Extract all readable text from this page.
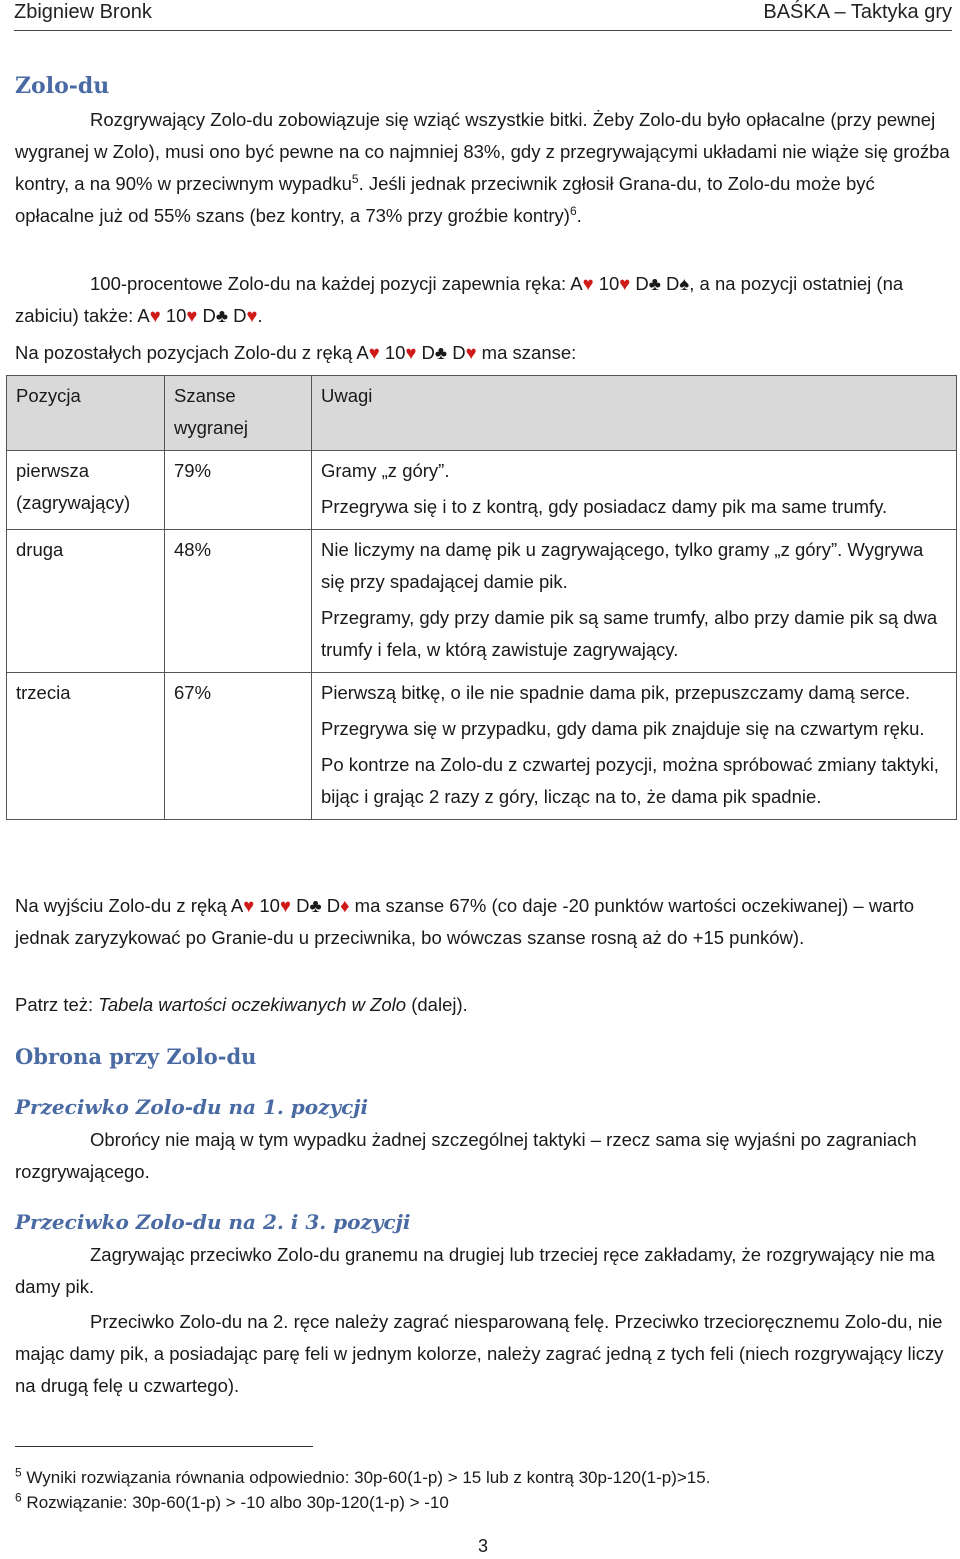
Zbigniew Bronk	BAŚKA – Taktyka gry
Zolo-du
Rozgrywający Zolo-du zobowiązuje się wziąć wszystkie bitki. Żeby Zolo-du było opłacalne (przy pewnej wygranej w Zolo), musi ono być pewne na co najmniej 83%, gdy z przegrywającymi układami nie wiąże się groźba kontry, a na 90% w przeciwnym wypadku$^5$. Jeśli jednak przeciwnik zgłosił Grana-du, to Zolo-du może być opłacalne już od 55% szans (bez kontry, a 73% przy groźbie kontry)$^6$.
100-procentowe Zolo-du na każdej pozycji zapewnia ręka: A♥ 10♥ D♣ D♠, a na pozycji ostatniej (na zabiciu) także: A♥ 10♥ D♣ D♥.
Na pozostałych pozycjach Zolo-du z ręką A♥ 10♥ D♣ D♥ ma szanse:
Pozycja	Szanse wygranej	Uwagi
pierwsza (zagrywający)	79%	Gramy „z góry”.

Przegrywa się i to z kontrą, gdy posiadacz damy pik ma same trumfy.

druga	48%	Nie liczymy na damę pik u zagrywającego, tylko gramy „z góry”. Wygrywa się przy spadającej damie pik.

Przegramy, gdy przy damie pik są same trumfy, albo przy damie pik są dwa trumfy i fela, w którą zawistuje zagrywający.

trzecia	67%	Pierwszą bitkę, o ile nie spadnie dama pik, przepuszczamy damą serce.

Przegrywa się w przypadku, gdy dama pik znajduje się na czwartym ręku.

Po kontrze na Zolo-du z czwartej pozycji, można spróbować zmiany taktyki, bijąc i grając 2 razy z góry, licząc na to, że dama pik spadnie.

Na wyjściu Zolo-du z ręką A♥ 10♥ D♣ D♦ ma szanse 67% (co daje -20 punktów wartości oczekiwanej) – warto jednak zaryzykować po Granie-du u przeciwnika, bo wówczas szanse rosną aż do +15 punków).
Patrz też: Tabela wartości oczekiwanych w Zolo (dalej).
Obrona przy Zolo-du
Przeciwko Zolo-du na 1. pozycji
Obrońcy nie mają w tym wypadku żadnej szczególnej taktyki – rzecz sama się wyjaśni po zagraniach rozgrywającego.
Przeciwko Zolo-du na 2. i 3. pozycji
Zagrywając przeciwko Zolo-du granemu na drugiej lub trzeciej ręce zakładamy, że rozgrywający nie ma damy pik.
Przeciwko Zolo-du na 2. ręce należy zagrać niesparowaną felę. Przeciwko trzecioręcznemu Zolo-du, nie mając damy pik, a posiadając parę feli w jednym kolorze, należy zagrać jedną z tych feli (niech rozgrywający liczy na drugą felę u czwartego).
$^5$ Wyniki rozwiązania równania odpowiednio: 30p-60(1-p) > 15 lub z kontrą 30p-120(1-p)>15.
$^6$ Rozwiązanie: 30p-60(1-p) > -10 albo 30p-120(1-p) > -10
3
